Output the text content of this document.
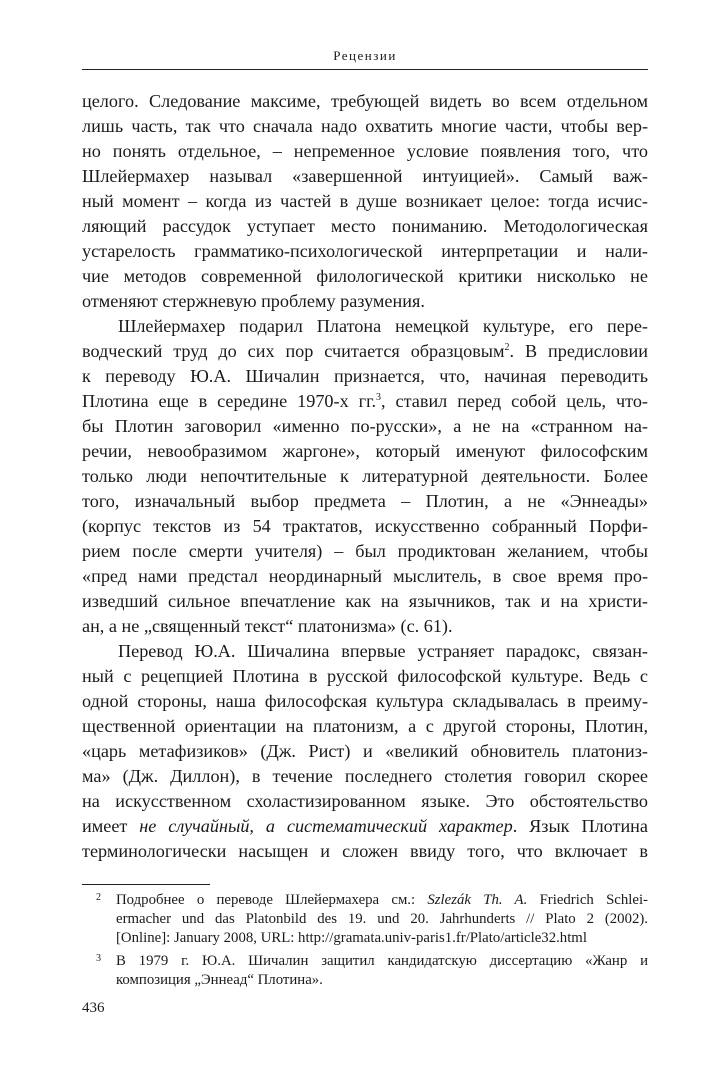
Рецензии
целого. Следование максиме, требующей видеть во всем отдельном
лишь часть, так что сначала надо охватить многие части, чтобы вер-
но понять отдельное, – непременное условие появления того, что
Шлейермахер называл «завершенной интуицией». Самый важ-
ный момент – когда из частей в душе возникает целое: тогда исчис-
ляющий рассудок уступает место пониманию. Методологическая
устарелость грамматико-психологической интерпретации и нали-
чие методов современной филологической критики нисколько не
отменяют стержневую проблему разумения.
Шлейермахер подарил Платона немецкой культуре, его пере-
водческий труд до сих пор считается образцовым$^2$. В предисловии
к переводу Ю.А. Шичалин признается, что, начиная переводить
Плотина еще в середине 1970-х гг.$^3$, ставил перед собой цель, что-
бы Плотин заговорил «именно по-русски», а не на «странном на-
речии, невообразимом жаргоне», который именуют философским
только люди непочтительные к литературной деятельности. Более
того, изначальный выбор предмета – Плотин, а не «Эннеады»
(корпус текстов из 54 трактатов, искусственно собранный Порфи-
рием после смерти учителя) – был продиктован желанием, чтобы
«пред нами предстал неординарный мыслитель, в свое время про-
изведший сильное впечатление как на язычников, так и на христи-
ан, а не „священный текст“ платонизма» (с. 61).
Перевод Ю.А. Шичалина впервые устраняет парадокс, связан-
ный с рецепцией Плотина в русской философской культуре. Ведь с
одной стороны, наша философская культура складывалась в преиму-
щественной ориентации на платонизм, а с другой стороны, Плотин,
«царь метафизиков» (Дж. Рист) и «великий обновитель платониз-
ма» (Дж. Диллон), в течение последнего столетия говорил скорее
на искусственном схоластизированном языке. Это обстоятельство
имеет не случайный, а систематический характер. Язык Плотина
терминологически насыщен и сложен ввиду того, что включает в
2 Подробнее о переводе Шлейермахера см.: Szlezák Th. A. Friedrich Schlei-
ermacher und das Platonbild des 19. und 20. Jahrhunderts // Plato 2 (2002).
[Online]: January 2008, URL: http://gramata.univ-paris1.fr/Plato/article32.html
3 В 1979 г. Ю.А. Шичалин защитил кандидатскую диссертацию «Жанр и
композиция „Эннеад“ Плотина».
436
